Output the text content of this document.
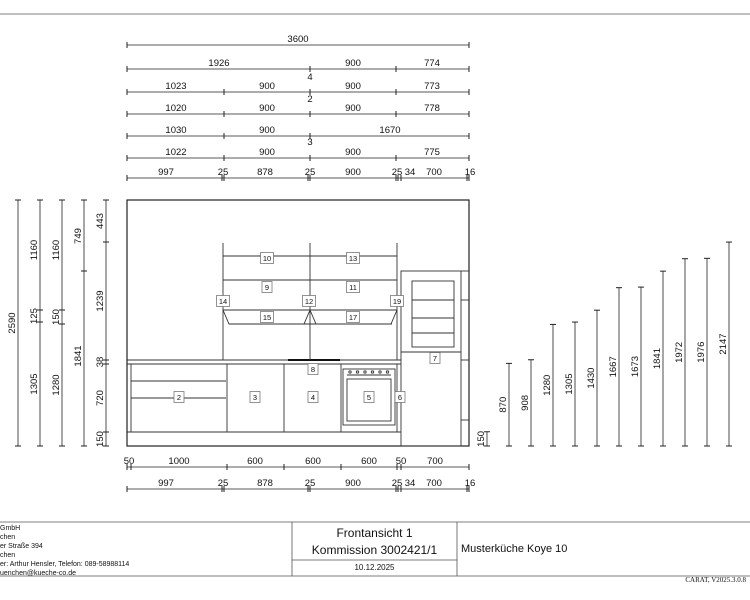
2	3	4	5	6
7
8
9
10
11
12
13
14
15	17
19
3600
1926	900	774
4
1023	900	900	773
2
1020	900	900	778
1030	900	1670
3
1022	900	900	775
997	25	878	25	900	25 34 700 16
50	1000	600	600	600 50 700
997	25	878	25	900	25 34 700 16
2590
1160
125
1305
1160
150
1280
749
1841
443
1239
38
720
150	150
870 908
1280 1305 1430
1667 1673 1841 1972 1976 2147
GmbH
chen
er Straße 394
chen
er: Arthur Hensler, Telefon: 089-58988114
uenchen@kueche-co.de
Frontansicht 1
Kommission 3002421/1
10.12.2025
Musterküche Koye 10
CARAT, V2025.3.0.8
